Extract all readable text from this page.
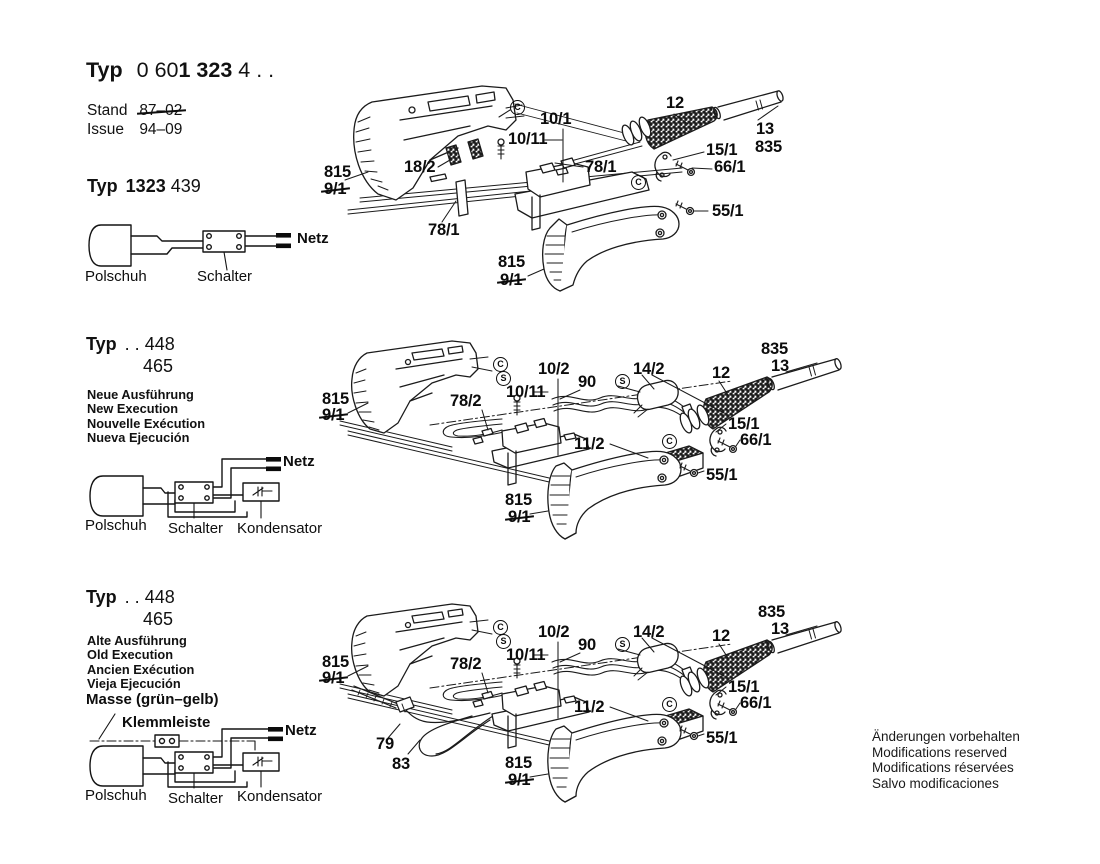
Typ 0 601 323 4 . .
Stand 87–02
Issue 94–09
Typ 1323 439
Polschuh	Schalter
Netz
Typ . . 448
465
Neue Ausführung
New Execution
Nouvelle Exécution
Nueva Ejecución
Polschuh Schalter Kondensator
Netz
Typ . . 448
465
Alte Ausführung
Old Execution
Ancien Exécution
Vieja Ejecución
Masse (grün–gelb)
Klemmleiste
Polschuh Schalter Kondensator
Netz
12
13
835
10/1
10/11
78/1
18/2
815
9/1
78/1
15/1
66/1
55/1
815
9/1
C
C
835
13
12
14/2
90
10/2
10/11
78/2
815
9/1
11/2
15/1
66/1
55/1
815
9/1
C
S	S
C
835
13
12
14/2
90
10/2
10/11
78/2
815
9/1
79
83
11/2
15/1
66/1
55/1
815
9/1
C
S	S
C
Änderungen vorbehalten
Modifications reserved
Modifications réservées
Salvo modificaciones
